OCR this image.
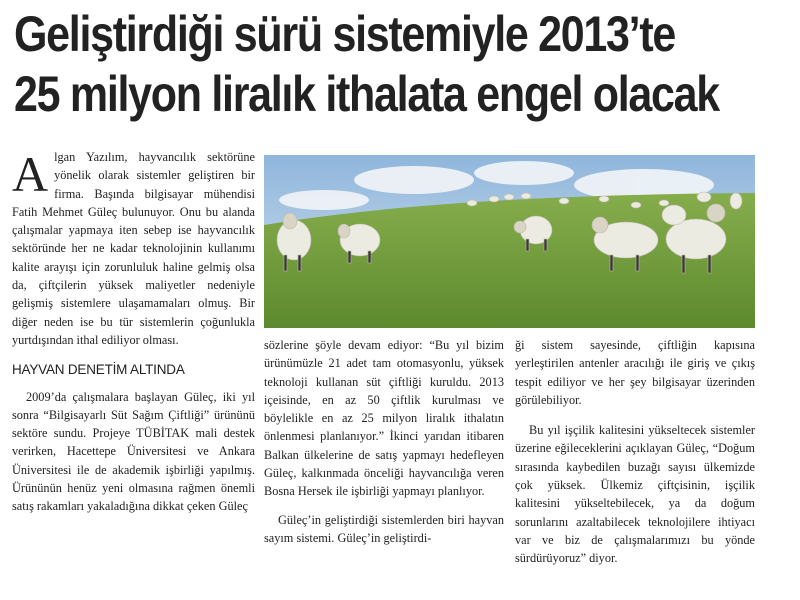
Geliştirdiği sürü sistemiyle 2013’te
25 milyon liralık ithalata engel olacak

A lgan Yazılım, hayvancılık sektörüne yönelik olarak sistemler geliştiren bir firma. Başında bilgisayar mühendisi Fatih Mehmet Güleç bulunuyor. Onu bu alanda çalışmalar yapmaya iten sebep ise hayvancılık sektöründe her ne kadar teknolojinin kullanımı kalite arayışı için zorunluluk haline gelmiş olsa da, çiftçilerin yüksek maliyetler nedeniyle gelişmiş sistemlere ulaşamamaları olmuş. Bir diğer neden ise bu tür sistemlerin çoğunlukla yurtdışından ithal ediliyor olması.

HAYVAN DENETİM ALTINDA

2009’da çalışmalara başlayan Güleç, iki yıl sonra “Bilgisayarlı Süt Sağım Çiftliği” ürününü sektöre sundu. Projeye TÜBİTAK mali destek verirken, Hacettepe Üniversitesi ve Ankara Üniversitesi ile de akademik işbirliği yapılmış. Ürününün henüz yeni olmasına rağmen önemli satış rakamları yakaladığına dikkat çeken Güleç

sözlerine şöyle devam ediyor: “Bu yıl bizim ürünümüzle 21 adet tam otomasyonlu, yüksek teknoloji kullanan süt çiftliği kuruldu. 2013 içeisinde, en az 50 çiftlik kurulması ve böylelikle en az 25 milyon liralık ithalatın önlenmesi planlanıyor.” İkinci yarıdan itibaren Balkan ülkelerine de satış yapmayı hedefleyen Güleç, kalkınmada önceliği hayvancılığa veren Bosna Hersek ile işbirliği yapmayı planlıyor.

Güleç’in geliştirdiği sistemlerden biri hayvan sayım sistemi. Güleç’in geliştirdi-

ği sistem sayesinde, çiftliğin kapısına yerleştirilen antenler aracılığı ile giriş ve çıkış tespit ediliyor ve her şey bilgisayar üzerinden görülebiliyor.

Bu yıl işçilik kalitesini yükseltecek sistemler üzerine eğileceklerini açıklayan Güleç, “Doğum sırasında kaybedilen buzağı sayısı ülkemizde çok yüksek. Ülkemiz çiftçisinin, işçilik kalitesini yükseltebilecek, ya da doğum sorunlarını azaltabilecek teknolojilere ihtiyacı var ve biz de çalışmalarımızı bu yönde sürdürüyoruz” diyor.
